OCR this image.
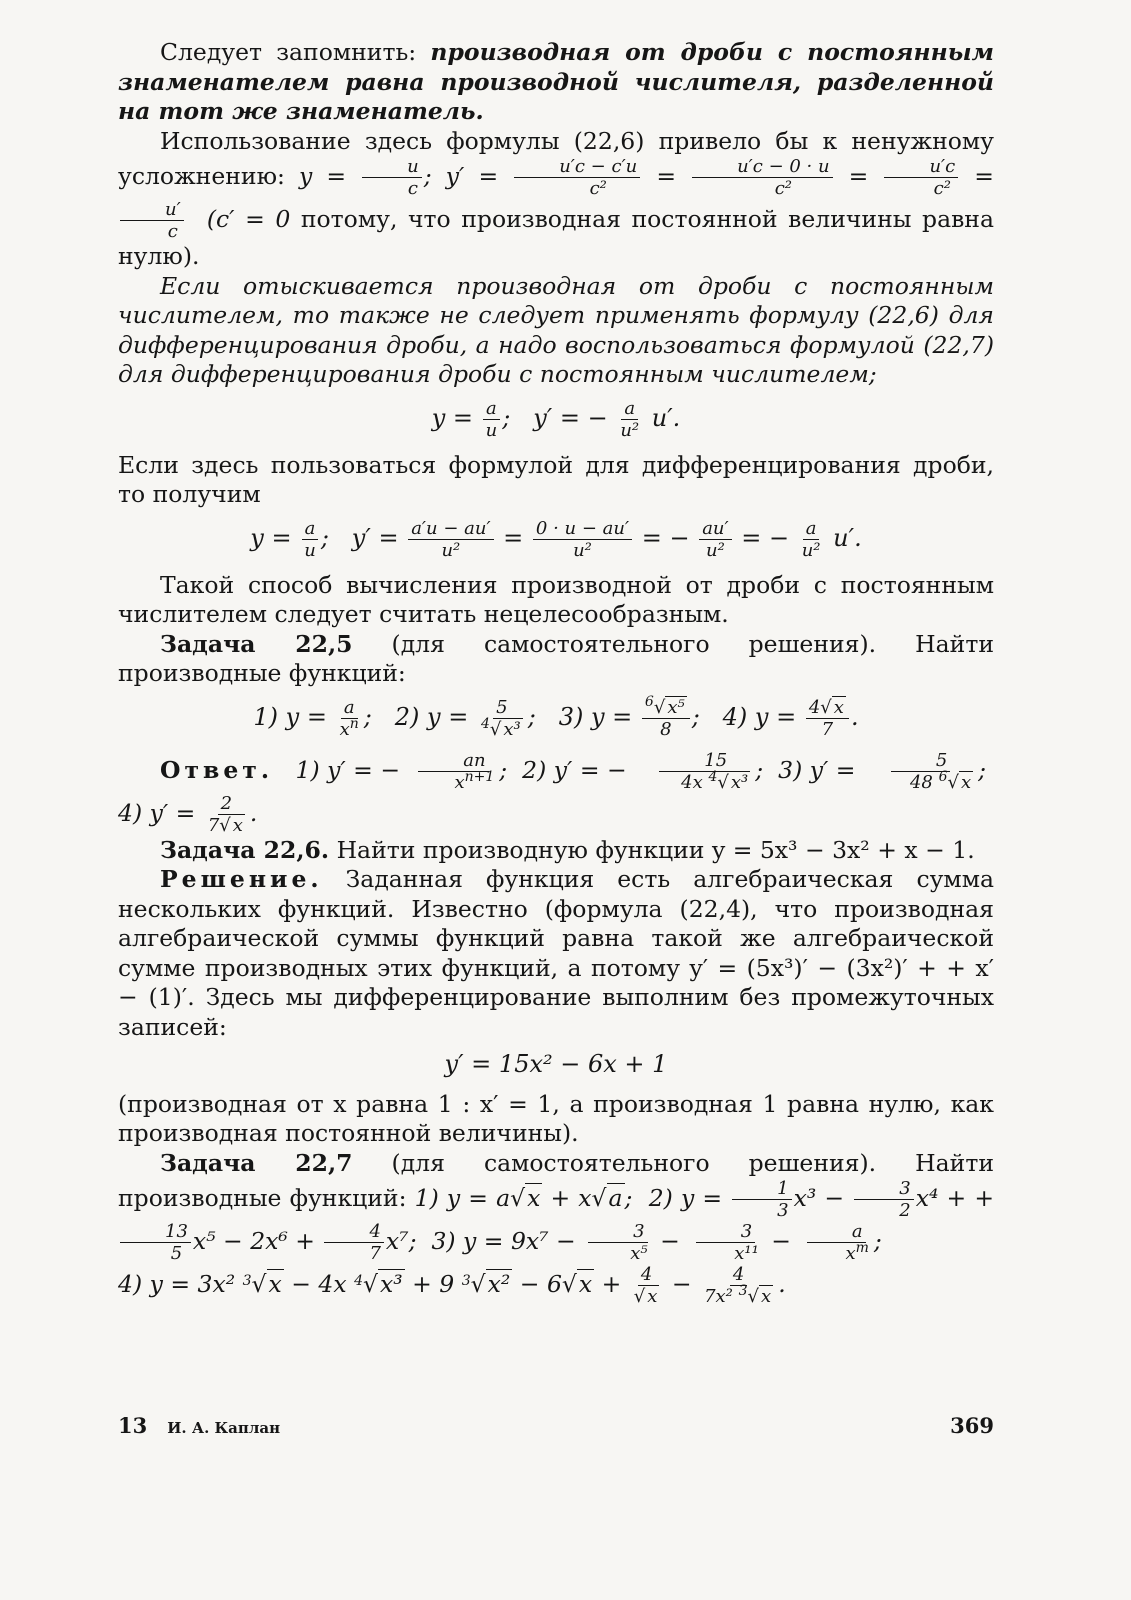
Следует запомнить: производная от дроби с постоянным знаменателем равна производной числителя, разделенной на тот же знаменатель.

Использование здесь формулы (22,6) привело бы к ненужному усложнению: $y = \frac{u}{c}$ ; $y' = \frac{u'c - c'u}{\text{c²}} = \frac{u'c - 0 \cdot u}{\text{c²}} = \frac{u'c}{\text{c²}}$ =
$\frac{u'}{c} (c' = 0$ потому, что производная постоянной величины равна нулю).

Если отыскивается производная от дроби с постоянным числителем, то также не следует применять формулу (22,6) для дифференцирования дроби, а надо воспользоваться формулой (22,7) для дифференцирования дроби с постоянным числителем;

$y = \frac{a}{u}$ ;   y′ = − $\frac{a}{\text{u²}} u'$.

Если здесь пользоваться формулой для дифференцирования дроби, то получим

$y = \frac{a}{u}$ ;   $y' = \frac{a'u - au'}{\text{u²}} = \frac{0 \cdot u - au'}{\text{u²}}$ = − $\frac{au'}{\text{u²}}$ = − $\frac{a}{\text{u²}} u'$.

Такой способ вычисления производной от дроби с постоянным числителем следует считать нецелесообразным.

Задача 22,5 (для самостоятельного решения). Найти производные функций:

1) $y = \frac{a}{x^n}$ ;   2) $y = \frac{5}{^4√ x^3}$ ;   3) $y = \frac{^6√ x^5}{8}$ ;   4) $y = \frac{4√ x}{7}$ .

Ответ.   1) y′ = − $\frac{an}{x^{n+1}}$ ;  2) y′ = − $\frac{15}{4x ^4√ x^3}$ ;  3) $y' = \frac{5}{48 ^6√ x}$ ;

4) $y' = \frac{2}{7√ x}$ .

Задача 22,6. Найти производную функции y = 5x³ − 3x² + x − 1.

Решение. Заданная функция есть алгебраическая сумма нескольких функций. Известно (формула (22,4), что производная алгебраической суммы функций равна такой же алгебраической сумме производных этих функций, а потому y′ = (5x³)′ − (3x²)′ + + x′ − (1)′. Здесь мы дифференцирование выполним без промежуточных записей:

y′ = 15x² − 6x + 1

(производная от x равна 1 : x′ = 1, а производная 1 равна нулю, как производная постоянной величины).

Задача 22,7 (для самостоятельного решения). Найти производные функций: 1) y = a√x + x√a;  2) $y = \frac{1}{3} x^3 - \frac{3}{2} x^4$ + +
$\frac{13}{5} x^5 - 2x^6 + \frac{4}{7} x^7$;  3) $y = 9x^7 - \frac{3}{\text{x⁵}} - \frac{3}{\text{x¹¹}} - \frac{a}{x^m}$ ;

4) y = 3x² $^3$√x − 4x $^4$√x³ + 9 $^3√x^2 - 6√x + \frac{4}{√ x} - \frac{4}{7x^2 ^3√ x}$ .

13 И. А. Каплан	369
